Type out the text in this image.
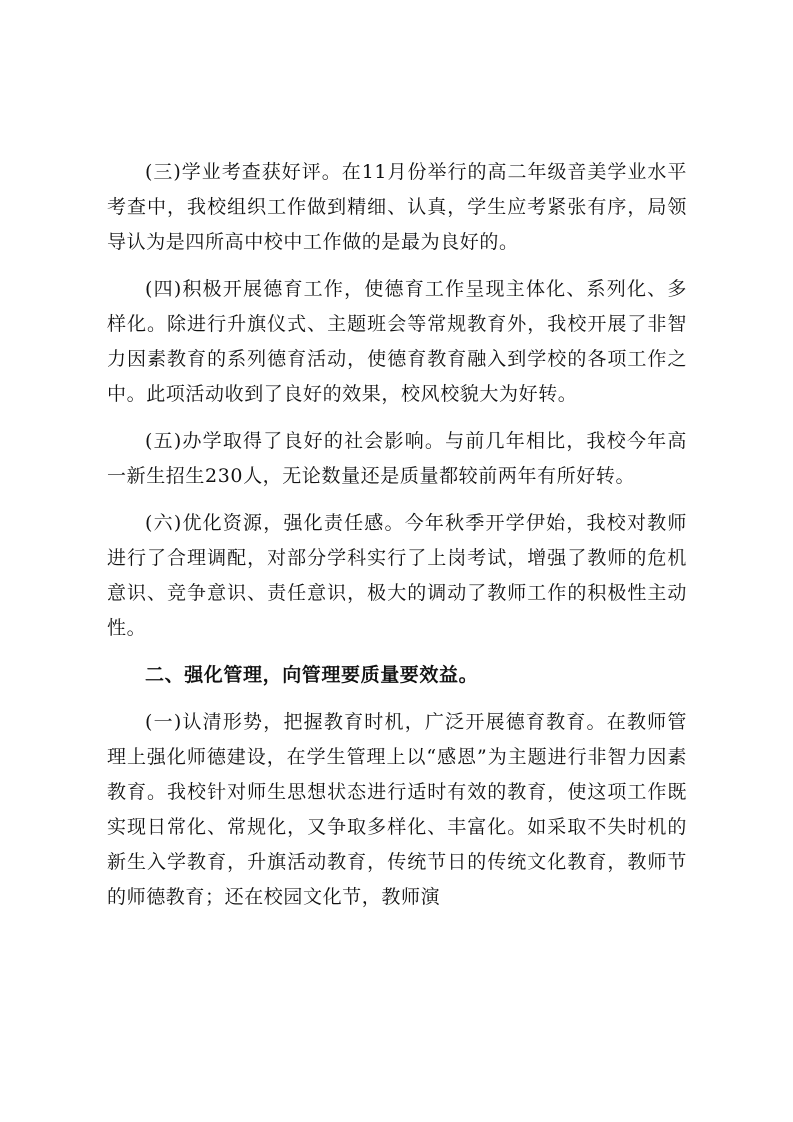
(三)学业考查获好评。在11月份举行的高二年级音美学业水平考查中，我校组织工作做到精细、认真，学生应考紧张有序，局领导认为是四所高中校中工作做的是最为良好的。

(四)积极开展德育工作，使德育工作呈现主体化、系列化、多样化。除进行升旗仪式、主题班会等常规教育外，我校开展了非智力因素教育的系列德育活动，使德育教育融入到学校的各项工作之中。此项活动收到了良好的效果，校风校貌大为好转。

(五)办学取得了良好的社会影响。与前几年相比，我校今年高一新生招生230人，无论数量还是质量都较前两年有所好转。

(六)优化资源，强化责任感。今年秋季开学伊始，我校对教师进行了合理调配，对部分学科实行了上岗考试，增强了教师的危机意识、竞争意识、责任意识，极大的调动了教师工作的积极性主动性。

二、强化管理，向管理要质量要效益。

(一)认清形势，把握教育时机，广泛开展德育教育。在教师管理上强化师德建设，在学生管理上以“感恩”为主题进行非智力因素教育。我校针对师生思想状态进行适时有效的教育，使这项工作既实现日常化、常规化，又争取多样化、丰富化。如采取不失时机的新生入学教育，升旗活动教育，传统节日的传统文化教育，教师节的师德教育；还在校园文化节，教师演
